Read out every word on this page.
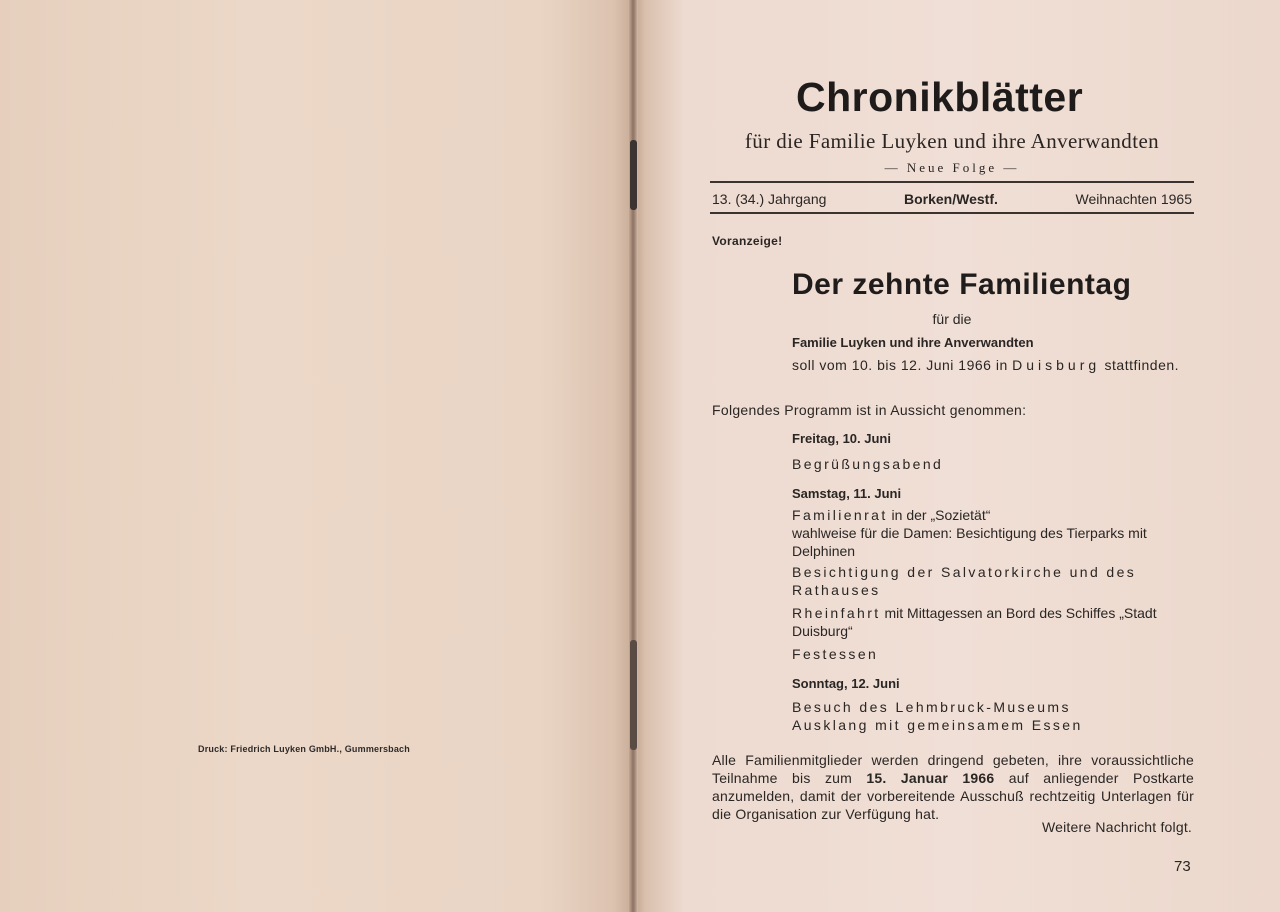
Druck: Friedrich Luyken GmbH., Gummersbach
Chronikblätter
für die Familie Luyken und ihre Anverwandten
— Neue Folge —
13. (34.) Jahrgang	Borken/Westf.	Weihnachten 1965
Voranzeige!
Der zehnte Familientag
für die
Familie Luyken und ihre Anverwandten
soll vom 10. bis 12. Juni 1966 in Duisburg stattfinden.
Folgendes Programm ist in Aussicht genommen:
Freitag, 10. Juni
Begrüßungsabend
Samstag, 11. Juni
Familienrat in der „Sozietät“
wahlweise für die Damen: Besichtigung des Tierparks mit Delphinen
Besichtigung der Salvatorkirche und des Rathauses
Rheinfahrt mit Mittagessen an Bord des Schiffes „Stadt Duisburg“
Festessen
Sonntag, 12. Juni
Besuch des Lehmbruck-Museums
Ausklang mit gemeinsamem Essen
Alle Familienmitglieder werden dringend gebeten, ihre voraussichtliche Teilnahme bis zum 15. Januar 1966 auf anliegender Postkarte anzumelden, damit der vorbereitende Ausschuß rechtzeitig Unterlagen für die Organisation zur Verfügung hat.
Weitere Nachricht folgt.
73
